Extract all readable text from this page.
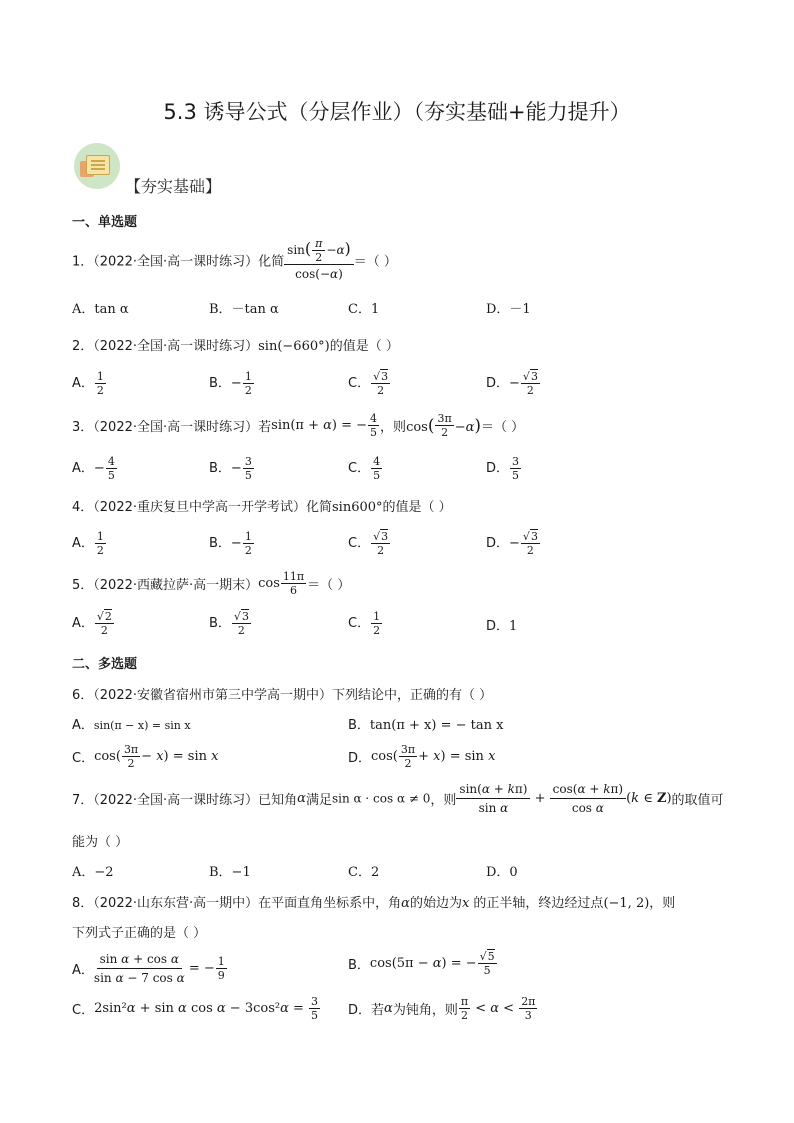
5.3 诱导公式（分层作业）（夯实基础+能力提升）
【夯实基础】
一、单选题
1．（2022·全国·高一课时练习）化简 $\frac{\sin( \frac{\pi}{2} -\alpha)}{\cos(-\alpha)}$ ＝（ ）
A．tan α	B．－tan α	C．1	D．－1
2．（2022·全国·高一课时练习）sin(−660°)的值是（ ）
A． $\frac{1}{2}$	B．− $\frac{1}{2}$	C． $\frac{√3}{2}$	D．− $\frac{√3}{2}$
3．（2022·全国·高一课时练习）若sin(π + α) = − $\frac{4}{5}$ ，则$\cos( \frac{3\pi}{2} -\alpha)=$（ ）
A．− $\frac{4}{5}$	B．− $\frac{3}{5}$	C． $\frac{4}{5}$	D． $\frac{3}{5}$
4．（2022·重庆复旦中学高一开学考试）化简sin600°的值是（ ）
A． $\frac{1}{2}$	B．− $\frac{1}{2}$	C． $\frac{√3}{2}$	D．− $\frac{√3}{2}$
5．（2022·西藏拉萨·高一期末）$\cos \frac{11\pi}{6}$ ＝（ ）
A． $\frac{√2}{2}$	B． $\frac{√3}{2}$	C． $\frac{1}{2}$	D．1
二、多选题
6．（2022·安徽省宿州市第三中学高一期中）下列结论中，正确的有（ ）
A．sin(π − x) = sin x	B．tan(π + x) = − tan x
C．$\cos( \frac{3\pi}{2} - x) = \sin x$	D．$\cos( \frac{3\pi}{2} + x) = \sin x$
7．（2022·全国·高一课时练习）已知角α满足sin α · cos α ≠ 0，则 $\frac{\sin(\alpha + k\pi)}{\text{sin α}} + \frac{\cos(\alpha + k\pi)}{\text{cos α}} (k$ ∈ Z)的取值可
能为（ ）
A．−2	B．−1	C．2	D．0
8．（2022·山东东营·高一期中）在平面直角坐标系中，角α的始边为x 的正半轴，终边经过点(−1, 2)，则
下列式子正确的是（ ）
A． $\frac{\text{sin α + cos α}}{\text{sin α − 7 cos α}}$ = − $\frac{1}{9}$	B．cos(5π − α) = − $\frac{√5}{5}$
C．2sin²α + sin α $\cos \alpha - 3\cos^2\alpha = \frac{3}{5}$ D．若α为钝角，则 $\frac{\pi}{2} < \alpha < \frac{2\pi}{3}$
